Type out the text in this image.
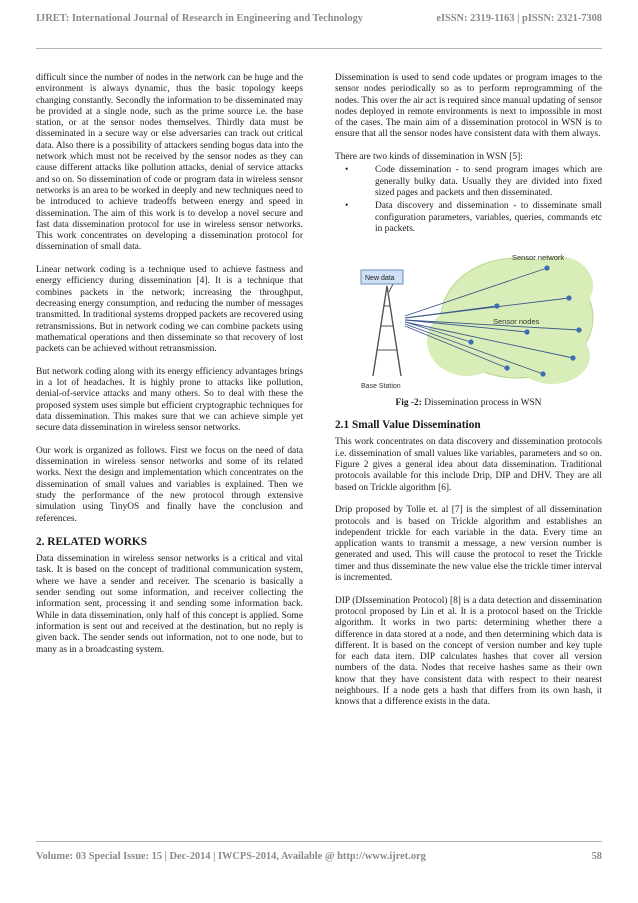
IJRET: International Journal of Research in Engineering and Technology	eISSN: 2319-1163 | pISSN: 2321-7308

difficult since the number of nodes in the network can be huge and the environment is always dynamic, thus the basic topology keeps changing constantly. Secondly the information to be disseminated may be provided at a single node, such as the prime source i.e. the base station, or at the sensor nodes themselves. Thirdly data must be disseminated in a secure way or else adversaries can track out critical data. Also there is a possibility of attackers sending bogus data into the network which must not be received by the sensor nodes as they can cause different attacks like pollution attacks, denial of service attacks and so on. So dissemination of code or program data in wireless sensor networks is an area to be worked in deeply and new techniques need to be introduced to achieve tradeoffs between energy and speed in dissemination. The aim of this work is to develop a novel secure and fast data dissemination protocol for use in wireless sensor networks. This work concentrates on developing a dissemination protocol for dissemination of small data.

Linear network coding is a technique used to achieve fastness and energy efficiency during dissemination [4]. It is a technique that combines packets in the network; increasing the throughput, decreasing energy consumption, and reducing the number of messages transmitted. In traditional systems dropped packets are recovered using retransmissions. But in network coding we can combine packets using mathematical operations and then disseminate so that recovery of lost packets can be achieved without retransmission.

But network coding along with its energy efficiency advantages brings in a lot of headaches. It is highly prone to attacks like pollution, denial-of-service attacks and many others. So to deal with these the proposed system uses simple but efficient cryptographic techniques for data dissemination. This makes sure that we can achieve simple yet secure data dissemination in wireless sensor networks.

Our work is organized as follows. First we focus on the need of data dissemination in wireless sensor networks and some of its related works. Next the design and implementation which concentrates on the dissemination of small values and variables is explained. Then we study the performance of the new protocol through extensive simulation using TinyOS and finally have the conclusion and references.

2. RELATED WORKS

Data dissemination in wireless sensor networks is a critical and vital task. It is based on the concept of traditional communication system, where we have a sender and receiver. The scenario is basically a sender sending out some information, and receiver collecting the information sent, processing it and sending some information back. While in data dissemination, only half of this concept is applied. Some information is sent out and received at the destination, but no reply is given back. The sender sends out information, not to one node, but to many as in a broadcasting system.

Dissemination is used to send code updates or program images to the sensor nodes periodically so as to perform reprogramming of the nodes. This over the air act is required since manual updating of sensor nodes deployed in remote environments is next to impossible in most of the cases. The main aim of a dissemination protocol in WSN is to ensure that all the sensor nodes have consistent data with them always.

There are two kinds of dissemination in WSN [5]:

• Code dissemination - to send program images which are generally bulky data. Usually they are divided into fixed sized pages and packets and then disseminated.
• Data discovery and dissemination - to disseminate small configuration parameters, variables, queries, commands etc in packets.
New data
Sensor network
Sensor nodes
Base Station
Fig -2: Dissemination process in WSN
2.1 Small Value Dissemination

This work concentrates on data discovery and dissemination protocols i.e. dissemination of small values like variables, parameters and so on. Figure 2 gives a general idea about data dissemination. Traditional protocols available for this include Drip, DIP and DHV. They are all based on Trickle algorithm [6].

Drip proposed by Tolle et. al [7] is the simplest of all dissemination protocols and is based on Trickle algorithm and establishes an independent trickle for each variable in the data. Every time an application wants to transmit a message, a new version number is generated and used. This will cause the protocol to reset the Trickle timer and thus disseminate the new value else the trickle timer interval is incremented.

DIP (DIssemination Protocol) [8] is a data detection and dissemination protocol proposed by Lin et al. It is a protocol based on the Trickle algorithm. It works in two parts: determining whether there a difference in data stored at a node, and then determining which data is different. It is based on the concept of version number and key tuple for each data item. DIP calculates hashes that cover all version numbers of the data. Nodes that receive hashes same as their own know that they have consistent data with respect to their nearest neighbours. If a node gets a hash that differs from its own hash, it knows that a difference exists in the data.

Volume: 03 Special Issue: 15 | Dec-2014 | IWCPS-2014, Available @ http://www.ijret.org	58
